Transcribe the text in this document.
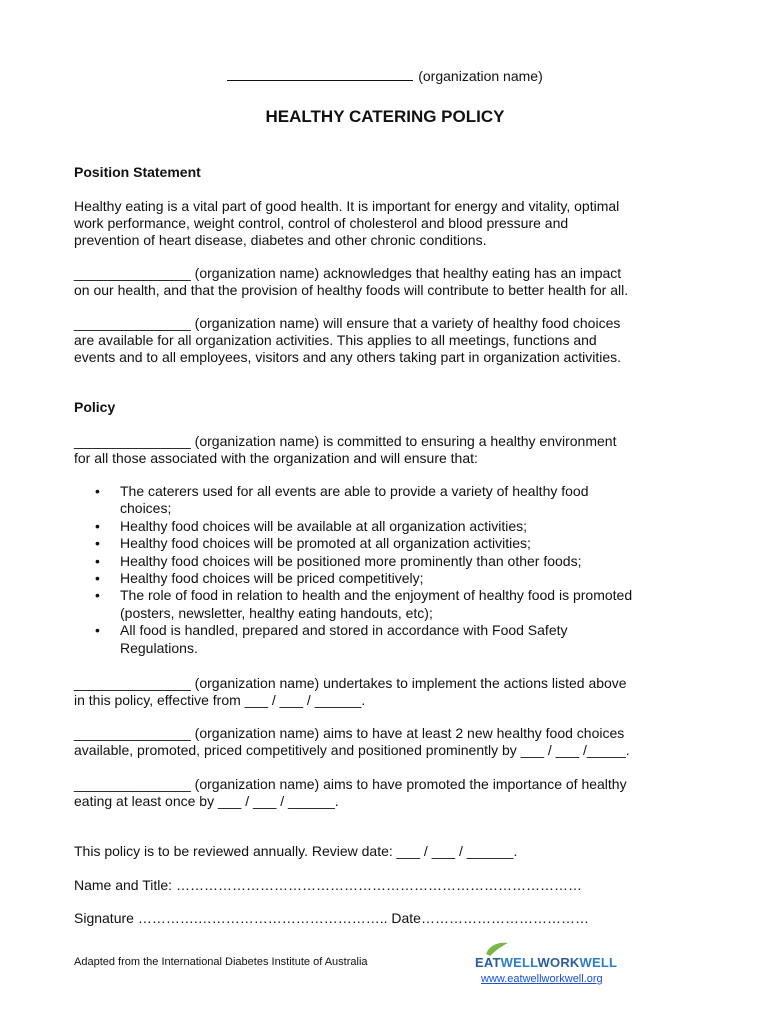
(organization name)
HEALTHY CATERING POLICY
Position Statement
Healthy eating is a vital part of good health. It is important for energy and vitality, optimal
work performance, weight control, control of cholesterol and blood pressure and
prevention of heart disease, diabetes and other chronic conditions.
_______________ (organization name) acknowledges that healthy eating has an impact
on our health, and that the provision of healthy foods will contribute to better health for all.
_______________ (organization name) will ensure that a variety of healthy food choices
are available for all organization activities. This applies to all meetings, functions and
events and to all employees, visitors and any others taking part in organization activities.
Policy
_______________ (organization name) is committed to ensuring a healthy environment
for all those associated with the organization and will ensure that:
• The caterers used for all events are able to provide a variety of healthy food
choices;
• Healthy food choices will be available at all organization activities;
• Healthy food choices will be promoted at all organization activities;
• Healthy food choices will be positioned more prominently than other foods;
• Healthy food choices will be priced competitively;
• The role of food in relation to health and the enjoyment of healthy food is promoted
(posters, newsletter, healthy eating handouts, etc);
• All food is handled, prepared and stored in accordance with Food Safety
Regulations.
_______________ (organization name) undertakes to implement the actions listed above
in this policy, effective from ___ / ___ / ______.
_______________ (organization name) aims to have at least 2 new healthy food choices
available, promoted, priced competitively and positioned prominently by ___ / ___ /_____.
_______________ (organization name) aims to have promoted the importance of healthy
eating at least once by ___ / ___ / ______.
This policy is to be reviewed annually. Review date: ___ / ___ / ______.
Name and Title: ……………………………………………………………………………
Signature ………….………………………………….. Date………………………………
Adapted from the International Diabetes Institute of Australia	EATWELLWORKWELL
www.eatwellworkwell.org
